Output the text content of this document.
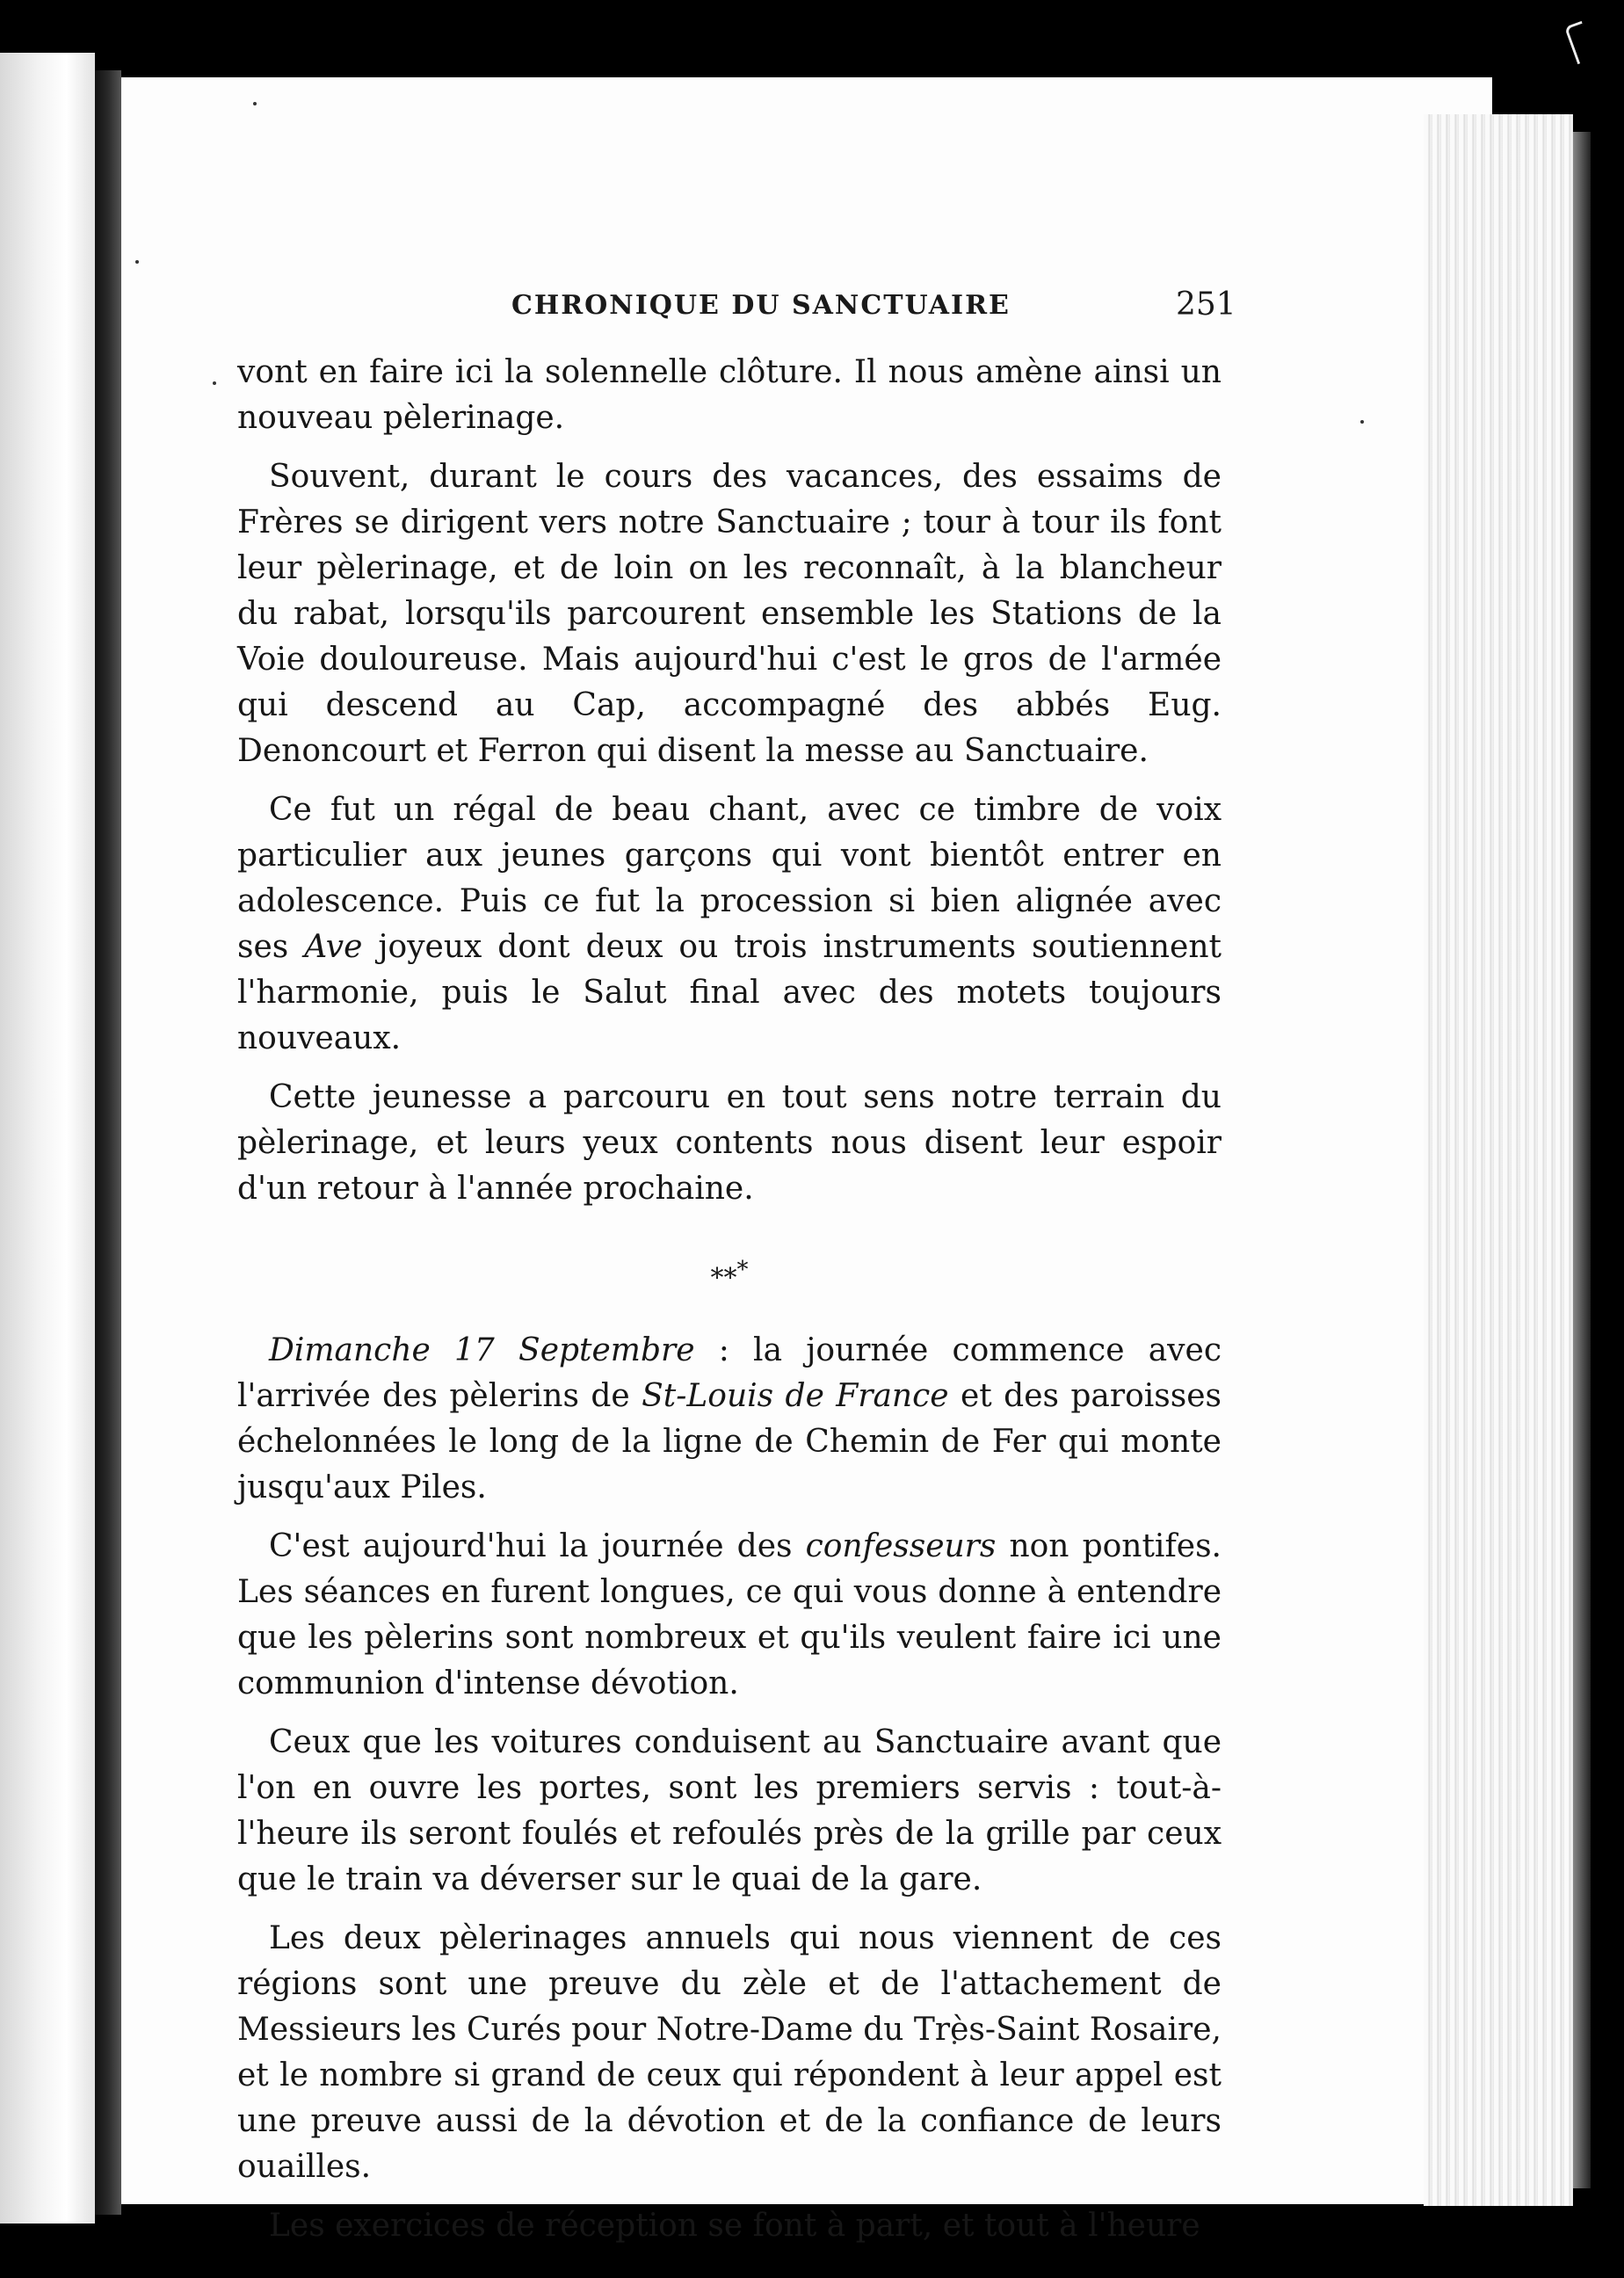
CHRONIQUE DU SANCTUAIRE	251

vont en faire ici la solennelle clôture. Il nous amène ainsi un nouveau pèlerinage.

Souvent, durant le cours des vacances, des essaims de Frères se dirigent vers notre Sanctuaire ; tour à tour ils font leur pèlerinage, et de loin on les reconnaît, à la blancheur du rabat, lorsqu'ils parcourent ensemble les Stations de la Voie douloureuse. Mais aujourd'hui c'est le gros de l'armée qui descend au Cap, accompagné des abbés Eug. Denoncourt et Ferron qui disent la messe au Sanctuaire.

Ce fut un régal de beau chant, avec ce timbre de voix particulier aux jeunes garçons qui vont bientôt entrer en adolescence. Puis ce fut la procession si bien alignée avec ses Ave joyeux dont deux ou trois instruments soutiennent l'harmonie, puis le Salut final avec des motets toujours nouveaux.

Cette jeunesse a parcouru en tout sens notre terrain du pèlerinage, et leurs yeux contents nous disent leur espoir d'un retour à l'année prochaine.

***

Dimanche 17 Septembre : la journée commence avec l'arrivée des pèlerins de St-Louis de France et des paroisses échelonnées le long de la ligne de Chemin de Fer qui monte jusqu'aux Piles.

C'est aujourd'hui la journée des confesseurs non pontifes. Les séances en furent longues, ce qui vous donne à entendre que les pèlerins sont nombreux et qu'ils veulent faire ici une communion d'intense dévotion.

Ceux que les voitures conduisent au Sanctuaire avant que l'on en ouvre les portes, sont les premiers servis : tout-à-l'heure ils seront foulés et refoulés près de la grille par ceux que le train va déverser sur le quai de la gare.

Les deux pèlerinages annuels qui nous viennent de ces régions sont une preuve du zèle et de l'attachement de Messieurs les Curés pour Notre-Dame du Très-Saint Rosaire, et le nombre si grand de ceux qui répondent à leur appel est une preuve aussi de la dévotion et de la confiance de leurs ouailles.

Les exercices de réception se font à part, et tout à l'heure
